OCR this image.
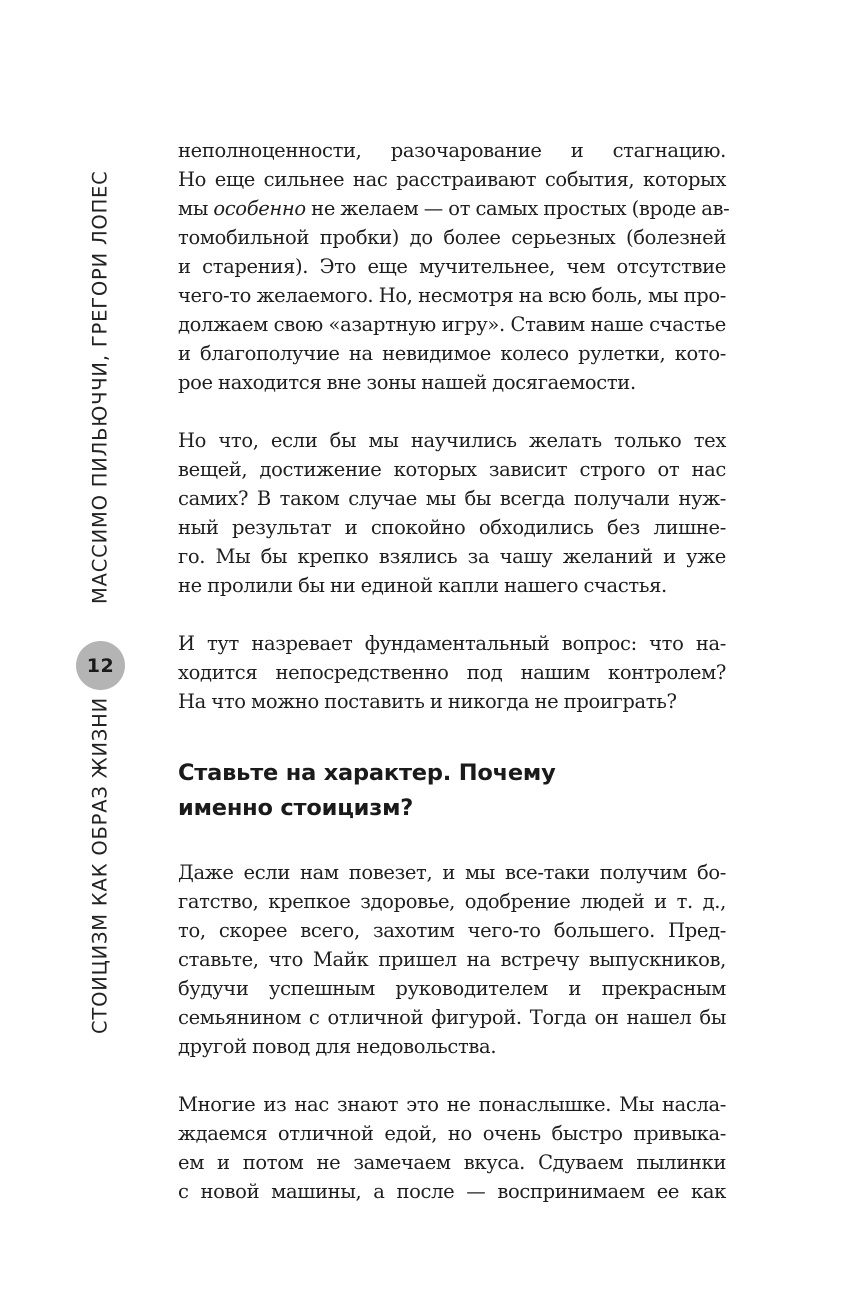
МАССИМО ПИЛЬЮЧЧИ, ГРЕГОРИ ЛОПЕС
СТОИЦИЗМ КАК ОБРАЗ ЖИЗНИ
12

неполноценности, разочарование и стагнацию.
Но еще сильнее нас расстраивают события, которых
мы особенно не желаем — от самых простых (вроде ав-
томобильной пробки) до более серьезных (болезней
и старения). Это еще мучительнее, чем отсутствие
чего-то желаемого. Но, несмотря на всю боль, мы про-
должаем свою «азартную игру». Ставим наше счастье
и благополучие на невидимое колесо рулетки, кото-
рое находится вне зоны нашей досягаемости.

Но что, если бы мы научились желать только тех
вещей, достижение которых зависит строго от нас
самих? В таком случае мы бы всегда получали нуж-
ный результат и спокойно обходились без лишне-
го. Мы бы крепко взялись за чашу желаний и уже
не пролили бы ни единой капли нашего счастья.

И тут назревает фундаментальный вопрос: что на-
ходится непосредственно под нашим контролем?
На что можно поставить и никогда не проиграть?

Ставьте на характер. Почему
именно стоицизм?

Даже если нам повезет, и мы все-таки получим бо-
гатство, крепкое здоровье, одобрение людей и т. д.,
то, скорее всего, захотим чего-то большего. Пред-
ставьте, что Майк пришел на встречу выпускников,
будучи успешным руководителем и прекрасным
семьянином с отличной фигурой. Тогда он нашел бы
другой повод для недовольства.

Многие из нас знают это не понаслышке. Мы насла-
ждаемся отличной едой, но очень быстро привыка-
ем и потом не замечаем вкуса. Сдуваем пылинки
с новой машины, а после — воспринимаем ее как
